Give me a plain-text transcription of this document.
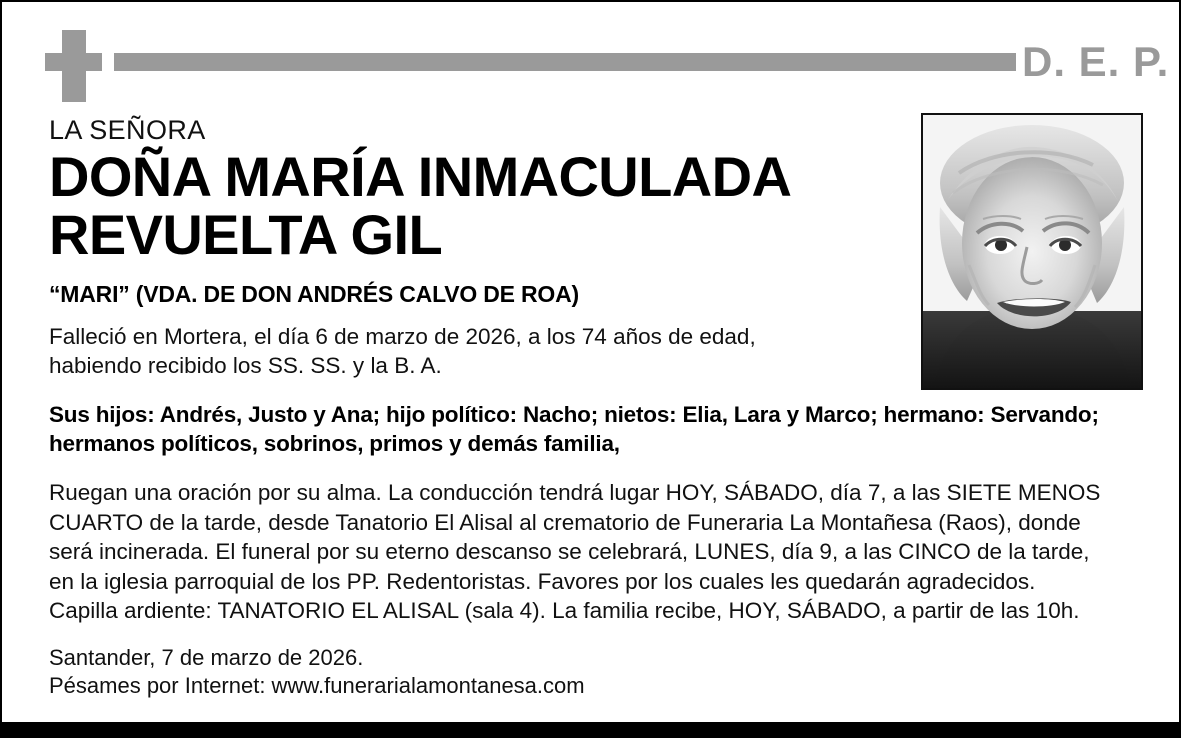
D. E. P.

LA SEÑORA

DOÑA MARÍA INMACULADA
REVUELTA GIL

“MARI” (VDA. DE DON ANDRÉS CALVO DE ROA)

Falleció en Mortera, el día 6 de marzo de 2026, a los 74 años de edad,
habiendo recibido los SS. SS. y la B. A.

Sus hijos: Andrés, Justo y Ana; hijo político: Nacho; nietos: Elia, Lara y Marco; hermano: Servando;
hermanos políticos, sobrinos, primos y demás familia,

Ruegan una oración por su alma. La conducción tendrá lugar HOY, SÁBADO, día 7, a las SIETE MENOS
CUARTO de la tarde, desde Tanatorio El Alisal al crematorio de Funeraria La Montañesa (Raos), donde
será incinerada. El funeral por su eterno descanso se celebrará, LUNES, día 9, a las CINCO de la tarde,
en la iglesia parroquial de los PP. Redentoristas. Favores por los cuales les quedarán agradecidos.
Capilla ardiente: TANATORIO EL ALISAL (sala 4). La familia recibe, HOY, SÁBADO, a partir de las 10h.

Santander, 7 de marzo de 2026.
Pésames por Internet: www.funerarialamontanesa.com
